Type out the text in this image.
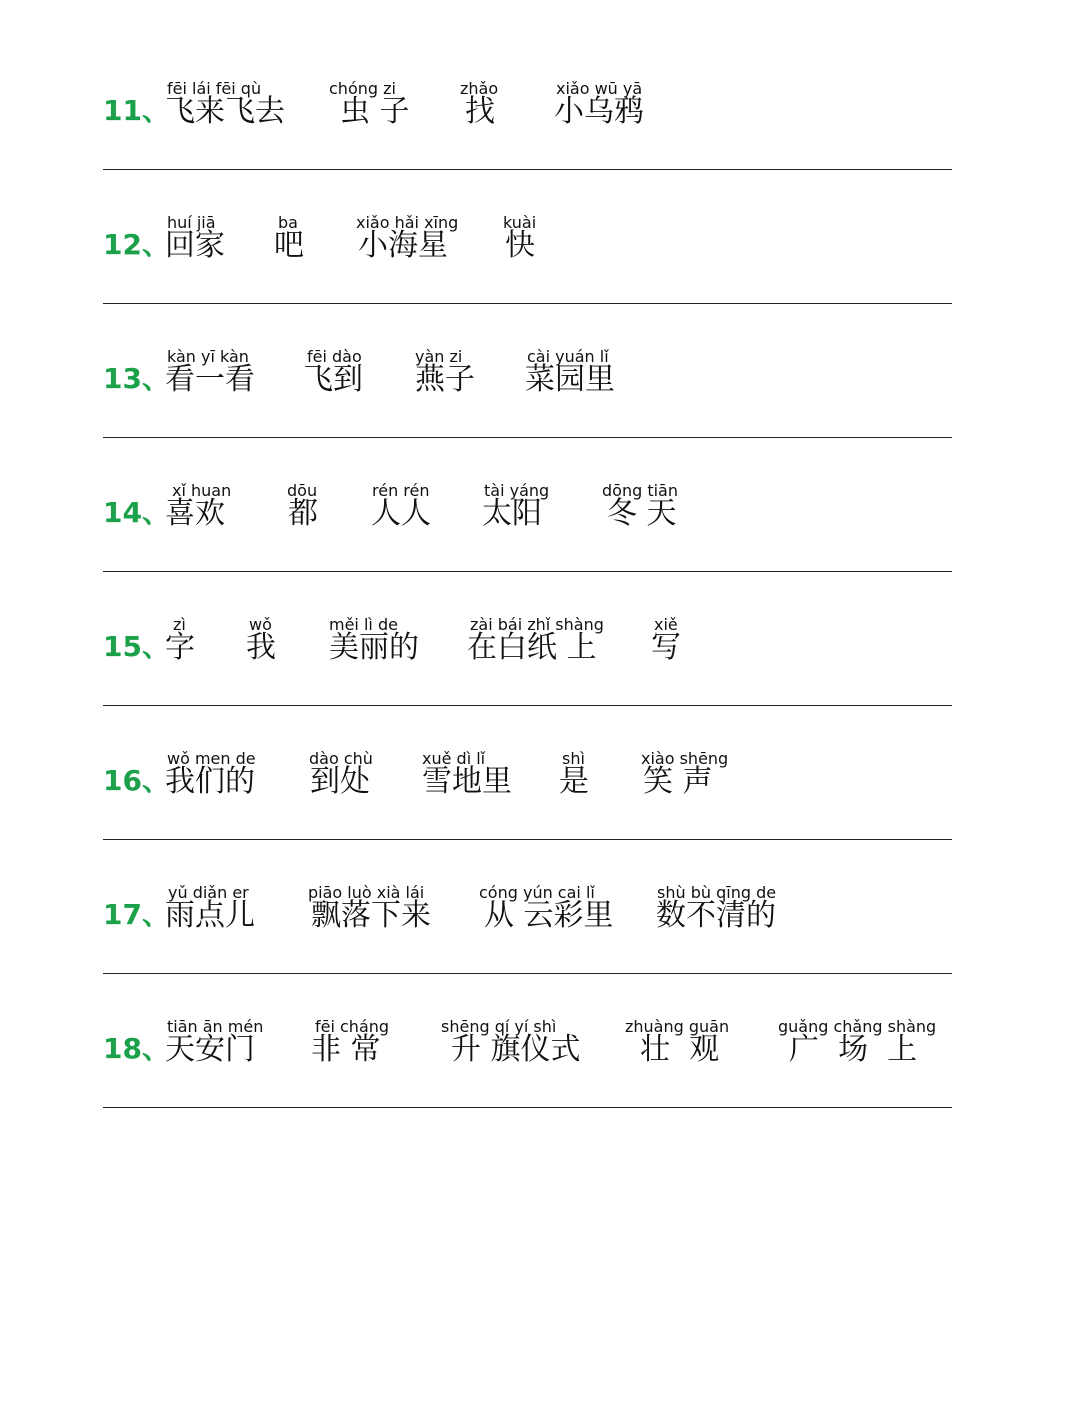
11、
fēi lái fēi qù
飞来飞去
chóng zi
虫 子
zhǎo
找
xiǎo wū yā
小乌鸦
12、
huí jiā
回家
ba
吧
xiǎo hǎi xīng
小海星
kuài
快
13、
kàn yī kàn
看一看
fēi dào
飞到
yàn zi
燕子
cài yuán lǐ
菜园里
14、
xǐ huan
喜欢
dōu
都
rén rén
人人
tài yáng
太阳
dōng tiān
冬 天
15、
zì
字
wǒ
我
měi lì de
美丽的
zài bái zhǐ shàng
在白纸 上
xiě
写
16、
wǒ men de
我们的
dào chù
到处
xuě dì lǐ
雪地里
shì
是
xiào shēng
笑 声
17、
yǔ diǎn er
雨点儿
piāo luò xià lái
飘落下来
cóng yún cai lǐ
从 云彩里
shù bù qīng de
数不清的
18、
tiān ān mén
天安门
fēi cháng
非 常
shēng qí yí shì
升 旗仪式
zhuàng guān
壮  观
guǎng chǎng shàng
广  场  上
